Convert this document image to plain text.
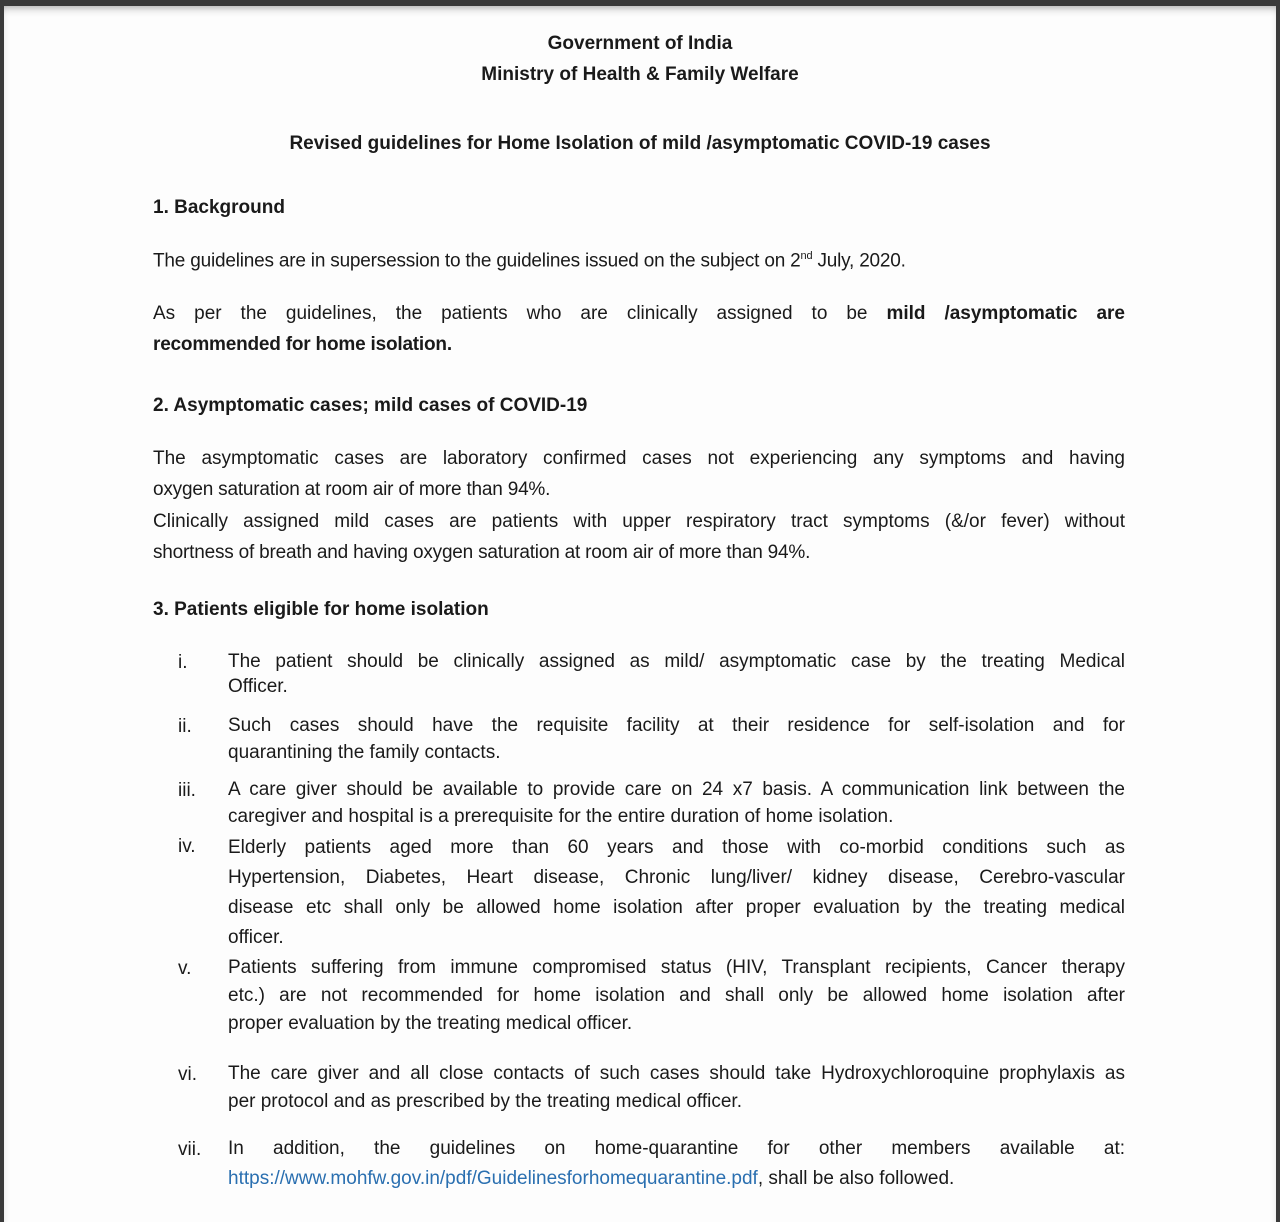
Government of India
Ministry of Health & Family Welfare
Revised guidelines for Home Isolation of mild /asymptomatic COVID-19 cases
1. Background
The guidelines are in supersession to the guidelines issued on the subject on 2nd July, 2020.
As per the guidelines, the patients who are clinically assigned to be mild /asymptomatic are
recommended for home isolation.
2. Asymptomatic cases; mild cases of COVID-19
The asymptomatic cases are laboratory confirmed cases not experiencing any symptoms and having
oxygen saturation at room air of more than 94%.
Clinically assigned mild cases are patients with upper respiratory tract symptoms (&/or fever) without
shortness of breath and having oxygen saturation at room air of more than 94%.
3. Patients eligible for home isolation
i. The patient should be clinically assigned as mild/ asymptomatic case by the treating Medical
Officer.
ii. Such cases should have the requisite facility at their residence for self-isolation and for
quarantining the family contacts.
iii. A care giver should be available to provide care on 24 x7 basis. A communication link between the
caregiver and hospital is a prerequisite for the entire duration of home isolation.
iv. Elderly patients aged more than 60 years and those with co-morbid conditions such as
Hypertension, Diabetes, Heart disease, Chronic lung/liver/ kidney disease, Cerebro-vascular
disease etc shall only be allowed home isolation after proper evaluation by the treating medical
officer.
v. Patients suffering from immune compromised status (HIV, Transplant recipients, Cancer therapy
etc.) are not recommended for home isolation and shall only be allowed home isolation after
proper evaluation by the treating medical officer.
vi. The care giver and all close contacts of such cases should take Hydroxychloroquine prophylaxis as
per protocol and as prescribed by the treating medical officer.
vii. In addition, the guidelines on home-quarantine for other members available at:
https://www.mohfw.gov.in/pdf/Guidelinesforhomequarantine.pdf, shall be also followed.
